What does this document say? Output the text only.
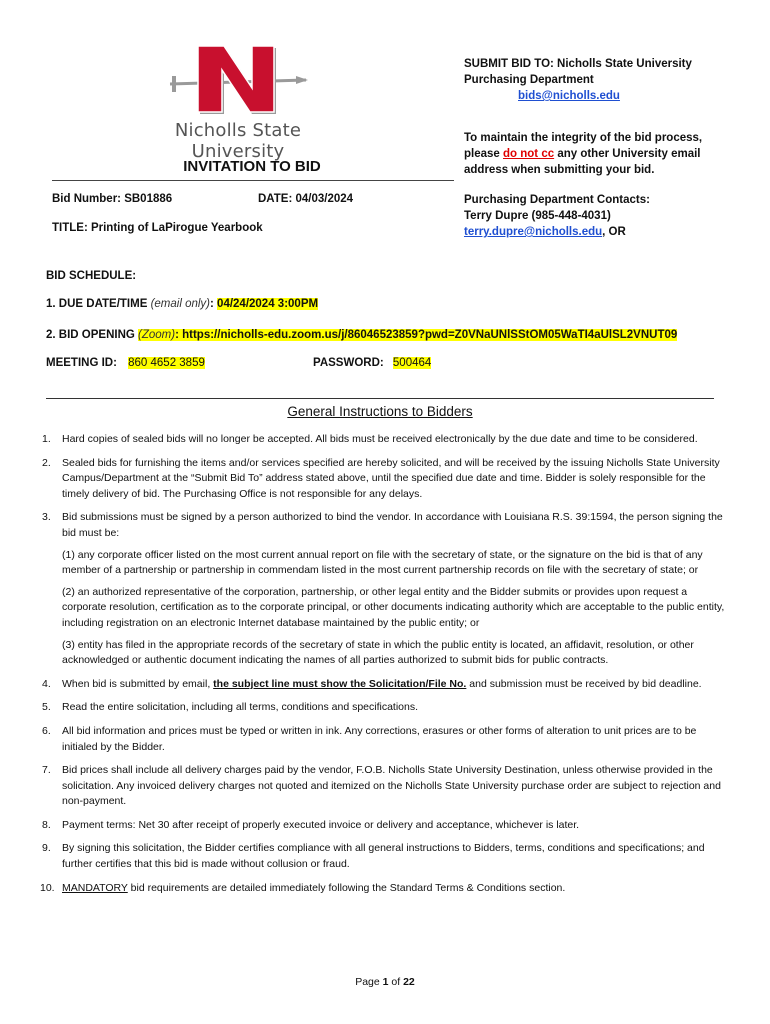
N
Nicholls State University
INVITATION TO BID
Bid Number: SB01886	DATE: 04/03/2024
TITLE: Printing of LaPirogue Yearbook
SUBMIT BID TO: Nicholls State University
Purchasing Department
bids@nicholls.edu
To maintain the integrity of the bid process,
please do not cc any other University email
address when submitting your bid.
Purchasing Department Contacts:
Terry Dupre (985-448-4031)
terry.dupre@nicholls.edu, OR
BID SCHEDULE:
1. DUE DATE/TIME (email only): 04/24/2024 3:00PM
2. BID OPENING (Zoom): https://nicholls-edu.zoom.us/j/86046523859?pwd=Z0VNaUNlSStOM05WaTI4aUlSL2VNUT09
MEETING ID: 860 4652 3859	PASSWORD: 500464
General Instructions to Bidders
1. Hard copies of sealed bids will no longer be accepted. All bids must be received electronically by the due date and time to be considered.
2. Sealed bids for furnishing the items and/or services specified are hereby solicited, and will be received by the issuing Nicholls State University Campus/Department at the “Submit Bid To” address stated above, until the specified due date and time. Bidder is solely responsible for the timely delivery of bid. The Purchasing Office is not responsible for any delays.
3. Bid submissions must be signed by a person authorized to bind the vendor. In accordance with Louisiana R.S. 39:1594, the person signing the bid must be:

(1) any corporate officer listed on the most current annual report on file with the secretary of state, or the signature on the bid is that of any member of a partnership or partnership in commendam listed in the most current partnership records on file with the secretary of state; or

(2) an authorized representative of the corporation, partnership, or other legal entity and the Bidder submits or provides upon request a corporate resolution, certification as to the corporate principal, or other documents indicating authority which are acceptable to the public entity, including registration on an electronic Internet database maintained by the public entity; or

(3) entity has filed in the appropriate records of the secretary of state in which the public entity is located, an affidavit, resolution, or other acknowledged or authentic document indicating the names of all parties authorized to submit bids for public contracts.

4. When bid is submitted by email, the subject line must show the Solicitation/File No. and submission must be received by bid deadline.
5. Read the entire solicitation, including all terms, conditions and specifications.
6. All bid information and prices must be typed or written in ink. Any corrections, erasures or other forms of alteration to unit prices are to be initialed by the Bidder.
7. Bid prices shall include all delivery charges paid by the vendor, F.O.B. Nicholls State University Destination, unless otherwise provided in the solicitation. Any invoiced delivery charges not quoted and itemized on the Nicholls State University purchase order are subject to rejection and non-payment.
8. Payment terms: Net 30 after receipt of properly executed invoice or delivery and acceptance, whichever is later.
9. By signing this solicitation, the Bidder certifies compliance with all general instructions to Bidders, terms, conditions and specifications; and further certifies that this bid is made without collusion or fraud.
10. MANDATORY bid requirements are detailed immediately following the Standard Terms & Conditions section.
Page 1 of 22
